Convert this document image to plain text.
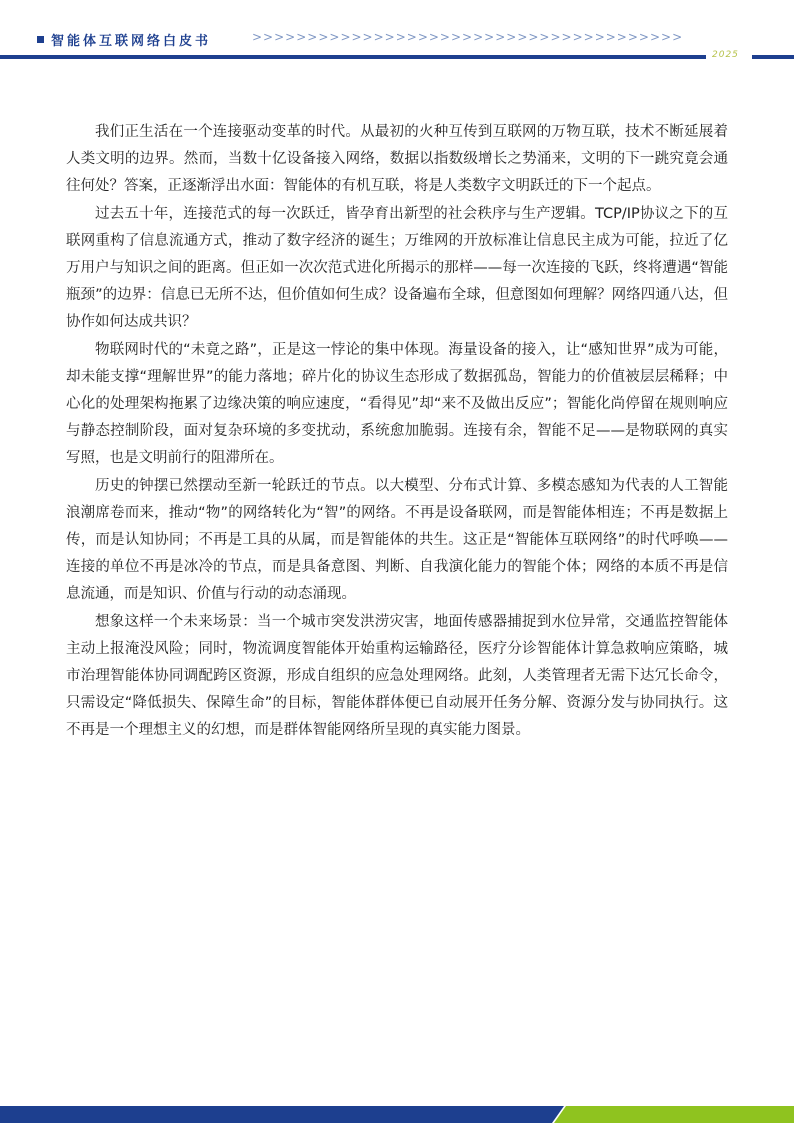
智能体互联网络白皮书	>>>>>>>>>>>>>>>>>>>>>>>>>>>>>>>>>>>>>>>
2025

我们正生活在一个连接驱动变革的时代。从最初的火种互传到互联网的万物互联，技术不断延展着人类文明的边界。然而，当数十亿设备接入网络，数据以指数级增长之势涌来，文明的下一跳究竟会通往何处？答案，正逐渐浮出水面：智能体的有机互联，将是人类数字文明跃迁的下一个起点。

过去五十年，连接范式的每一次跃迁，皆孕育出新型的社会秩序与生产逻辑。TCP/IP协议之下的互联网重构了信息流通方式，推动了数字经济的诞生；万维网的开放标准让信息民主成为可能，拉近了亿万用户与知识之间的距离。但正如一次次范式进化所揭示的那样——每一次连接的飞跃，终将遭遇“智能瓶颈”的边界：信息已无所不达，但价值如何生成？设备遍布全球，但意图如何理解？网络四通八达，但协作如何达成共识？

物联网时代的“未竟之路”，正是这一悖论的集中体现。海量设备的接入，让“感知世界”成为可能，却未能支撑“理解世界”的能力落地；碎片化的协议生态形成了数据孤岛，智能力的价值被层层稀释；中心化的处理架构拖累了边缘决策的响应速度，“看得见”却“来不及做出反应”；智能化尚停留在规则响应与静态控制阶段，面对复杂环境的多变扰动，系统愈加脆弱。连接有余，智能不足——是物联网的真实写照，也是文明前行的阻滞所在。

历史的钟摆已然摆动至新一轮跃迁的节点。以大模型、分布式计算、多模态感知为代表的人工智能浪潮席卷而来，推动“物”的网络转化为“智”的网络。不再是设备联网，而是智能体相连；不再是数据上传，而是认知协同；不再是工具的从属，而是智能体的共生。这正是“智能体互联网络”的时代呼唤——连接的单位不再是冰冷的节点，而是具备意图、判断、自我演化能力的智能个体；网络的本质不再是信息流通，而是知识、价值与行动的动态涌现。

想象这样一个未来场景：当一个城市突发洪涝灾害，地面传感器捕捉到水位异常，交通监控智能体主动上报淹没风险；同时，物流调度智能体开始重构运输路径，医疗分诊智能体计算急救响应策略，城市治理智能体协同调配跨区资源，形成自组织的应急处理网络。此刻，人类管理者无需下达冗长命令，只需设定“降低损失、保障生命”的目标，智能体群体便已自动展开任务分解、资源分发与协同执行。这不再是一个理想主义的幻想，而是群体智能网络所呈现的真实能力图景。
